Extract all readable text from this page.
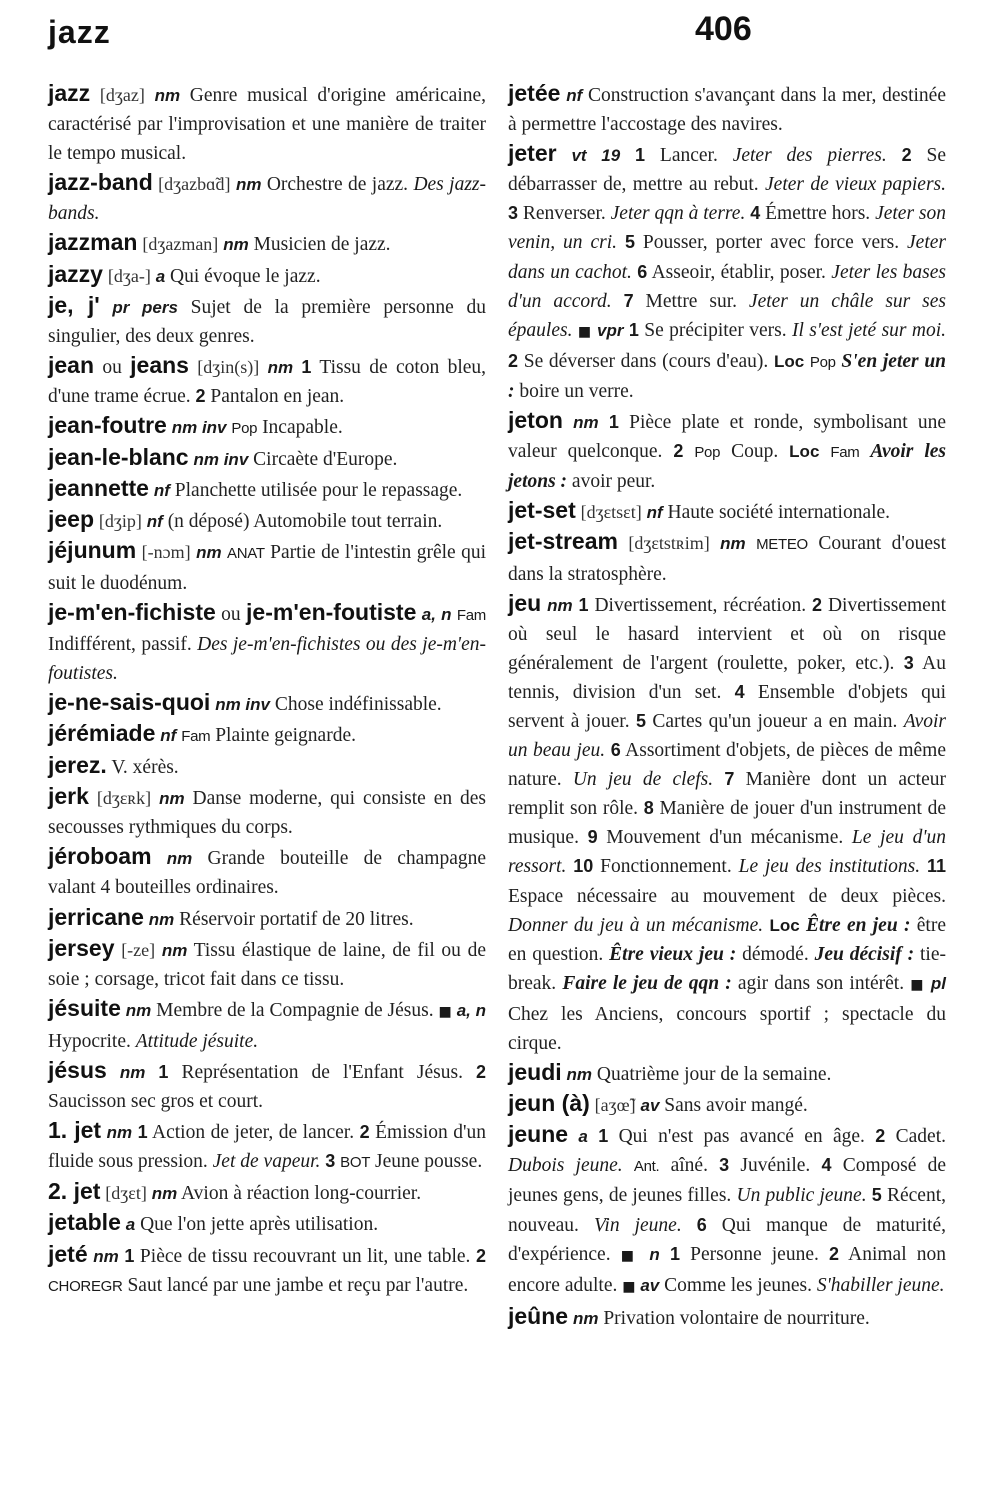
jazz	406

jazz [dʒaz] nm Genre musical d'origine américaine, caractérisé par l'improvisation et une manière de traiter le tempo musical.

jazz-band [dʒazbɑ̃d] nm Orchestre de jazz. Des jazz-bands.

jazzman [dʒazman] nm Musicien de jazz.

jazzy [dʒa-] a Qui évoque le jazz.

je, j' pr pers Sujet de la première personne du singulier, des deux genres.

jean ou jeans [dʒin(s)] nm 1 Tissu de coton bleu, d'une trame écrue. 2 Pantalon en jean.

jean-foutre nm inv Pop Incapable.

jean-le-blanc nm inv Circaète d'Europe.

jeannette nf Planchette utilisée pour le repassage.

jeep [dʒip] nf (n déposé) Automobile tout terrain.

jéjunum [-nɔm] nm ANAT Partie de l'intestin grêle qui suit le duodénum.

je-m'en-fichiste ou je-m'en-foutiste a, n Fam Indifférent, passif. Des je-m'en-fichistes ou des je-m'en-foutistes.

je-ne-sais-quoi nm inv Chose indéfinissable.

jérémiade nf Fam Plainte geignarde.

jerez. V. xérès.

jerk [dʒɛʀk] nm Danse moderne, qui consiste en des secousses rythmiques du corps.

jéroboam nm Grande bouteille de champagne valant 4 bouteilles ordinaires.

jerricane nm Réservoir portatif de 20 litres.

jersey [-ze] nm Tissu élastique de laine, de fil ou de soie ; corsage, tricot fait dans ce tissu.

jésuite nm Membre de la Compagnie de Jésus. ■ a, n Hypocrite. Attitude jésuite.

jésus nm 1 Représentation de l'Enfant Jésus. 2 Saucisson sec gros et court.

1. jet nm 1 Action de jeter, de lancer. 2 Émission d'un fluide sous pression. Jet de vapeur. 3 BOT Jeune pousse.

2. jet [dʒɛt] nm Avion à réaction long-courrier.

jetable a Que l'on jette après utilisation.

jeté nm 1 Pièce de tissu recouvrant un lit, une table. 2 CHOREGR Saut lancé par une jambe et reçu par l'autre.

jetée nf Construction s'avançant dans la mer, destinée à permettre l'accostage des navires.

jeter vt 19 1 Lancer. Jeter des pierres. 2 Se débarrasser de, mettre au rebut. Jeter de vieux papiers. 3 Renverser. Jeter qqn à terre. 4 Émettre hors. Jeter son venin, un cri. 5 Pousser, porter avec force vers. Jeter dans un cachot. 6 Asseoir, établir, poser. Jeter les bases d'un accord. 7 Mettre sur. Jeter un châle sur ses épaules. ■ vpr 1 Se précipiter vers. Il s'est jeté sur moi. 2 Se déverser dans (cours d'eau). Loc Pop S'en jeter un : boire un verre.

jeton nm 1 Pièce plate et ronde, symbolisant une valeur quelconque. 2 Pop Coup. Loc Fam Avoir les jetons : avoir peur.

jet-set [dʒɛtsɛt] nf Haute société internationale.

jet-stream [dʒɛtstʀim] nm METEO Courant d'ouest dans la stratosphère.

jeu nm 1 Divertissement, récréation. 2 Divertissement où seul le hasard intervient et où on risque généralement de l'argent (roulette, poker, etc.). 3 Au tennis, division d'un set. 4 Ensemble d'objets qui servent à jouer. 5 Cartes qu'un joueur a en main. Avoir un beau jeu. 6 Assortiment d'objets, de pièces de même nature. Un jeu de clefs. 7 Manière dont un acteur remplit son rôle. 8 Manière de jouer d'un instrument de musique. 9 Mouvement d'un mécanisme. Le jeu d'un ressort. 10 Fonctionnement. Le jeu des institutions. 11 Espace nécessaire au mouvement de deux pièces. Donner du jeu à un mécanisme. Loc Être en jeu : être en question. Être vieux jeu : démodé. Jeu décisif : tie-break. Faire le jeu de qqn : agir dans son intérêt. ■ pl Chez les Anciens, concours sportif ; spectacle du cirque.

jeudi nm Quatrième jour de la semaine.

jeun (à) [aʒœ̃] av Sans avoir mangé.

jeune a 1 Qui n'est pas avancé en âge. 2 Cadet. Dubois jeune. Ant. aîné. 3 Juvénile. 4 Composé de jeunes gens, de jeunes filles. Un public jeune. 5 Récent, nouveau. Vin jeune. 6 Qui manque de maturité, d'expérience. ■ n 1 Personne jeune. 2 Animal non encore adulte. ■ av Comme les jeunes. S'habiller jeune.

jeûne nm Privation volontaire de nourriture.
